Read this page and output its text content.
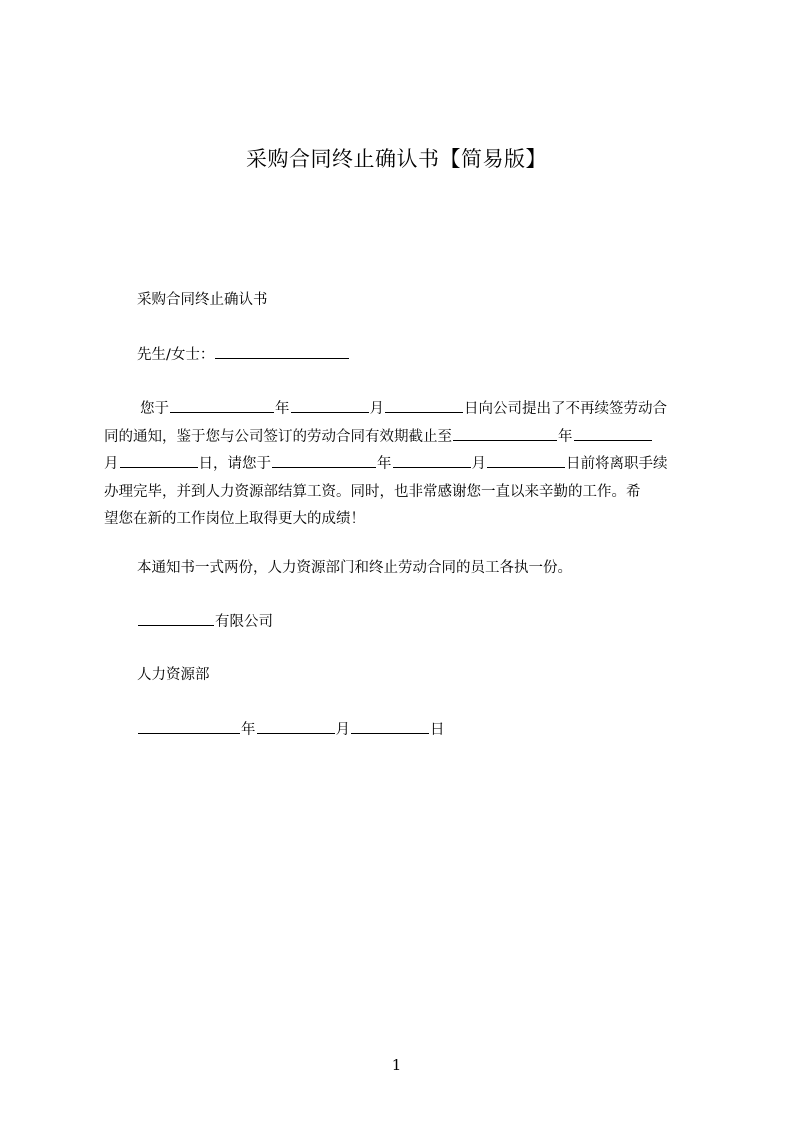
采购合同终止确认书【简易版】
采购合同终止确认书
先生/女士：
您于	年	月	日向公司提出了不再续签劳动合
同的通知，鉴于您与公司签订的劳动合同有效期截止至	年
月	日，请您于	年	月	日前将离职手续
办理完毕，并到人力资源部结算工资。同时，也非常感谢您一直以来辛勤的工作。希
望您在新的工作岗位上取得更大的成绩！
本通知书一式两份，人力资源部门和终止劳动合同的员工各执一份。
有限公司
人力资源部
年	月	日
1
